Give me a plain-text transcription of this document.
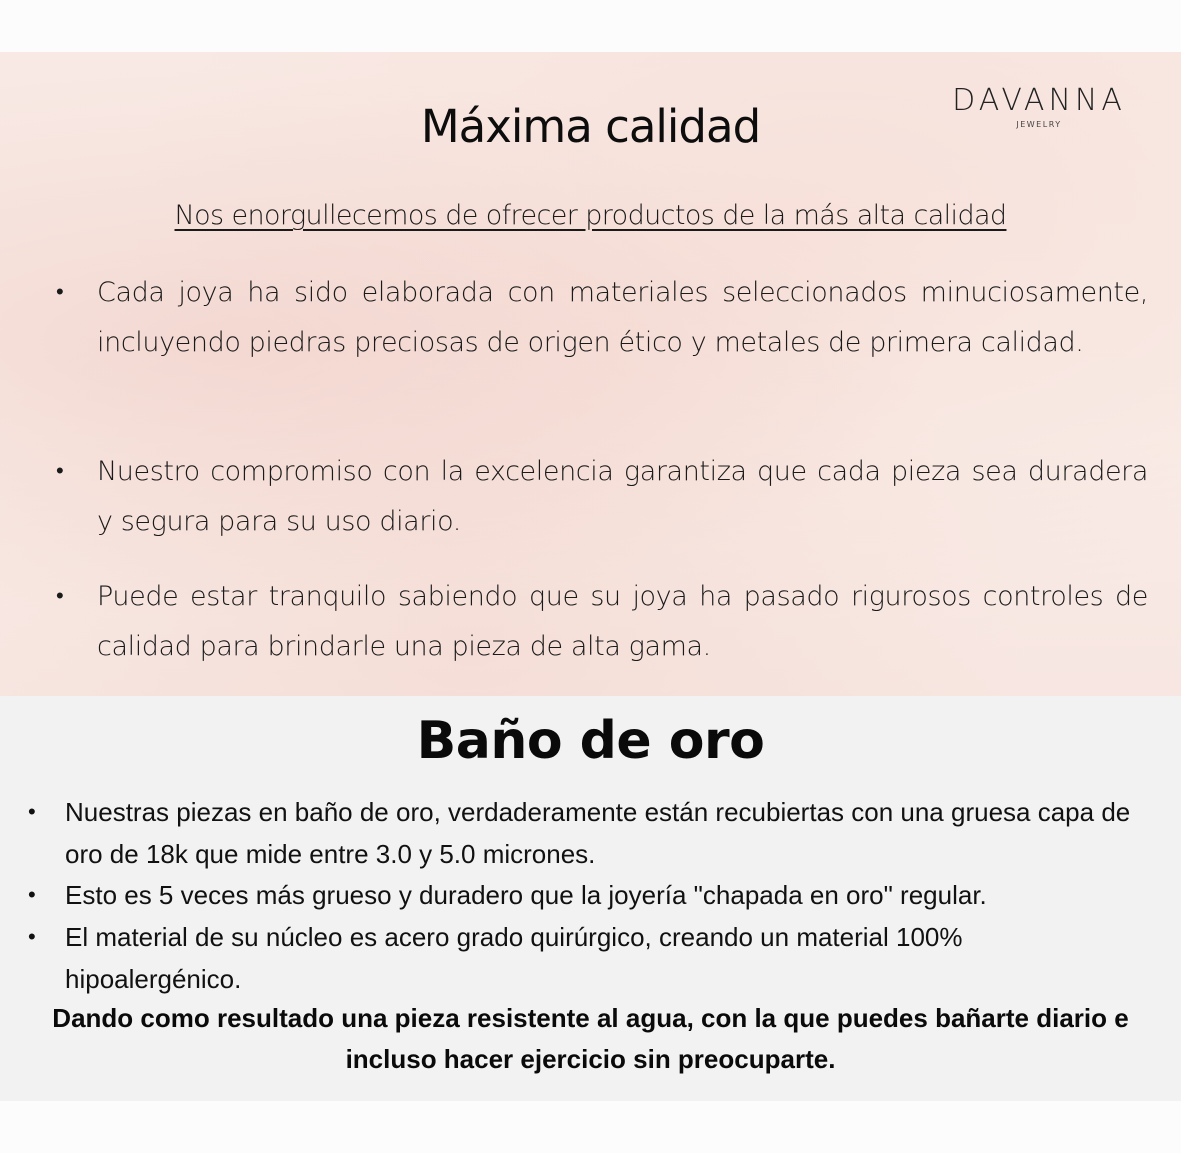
DAVANNA
JEWELRY
Máxima calidad
Nos enorgullecemos de ofrecer productos de la más alta calidad
• Cada joya ha sido elaborada con materiales seleccionados minuciosamente, incluyendo piedras preciosas de origen ético y metales de primera calidad.
• Nuestro compromiso con la excelencia garantiza que cada pieza sea duradera y segura para su uso diario.
• Puede estar tranquilo sabiendo que su joya ha pasado rigurosos controles de calidad para brindarle una pieza de alta gama.
Baño de oro
• Nuestras piezas en baño de oro, verdaderamente están recubiertas con una gruesa capa de oro de 18k que mide entre 3.0 y 5.0 micrones.
• Esto es 5 veces más grueso y duradero que la joyería "chapada en oro" regular.
• El material de su núcleo es acero grado quirúrgico, creando un material 100% hipoalergénico.
Dando como resultado una pieza resistente al agua, con la que puedes bañarte diario e incluso hacer ejercicio sin preocuparte.
